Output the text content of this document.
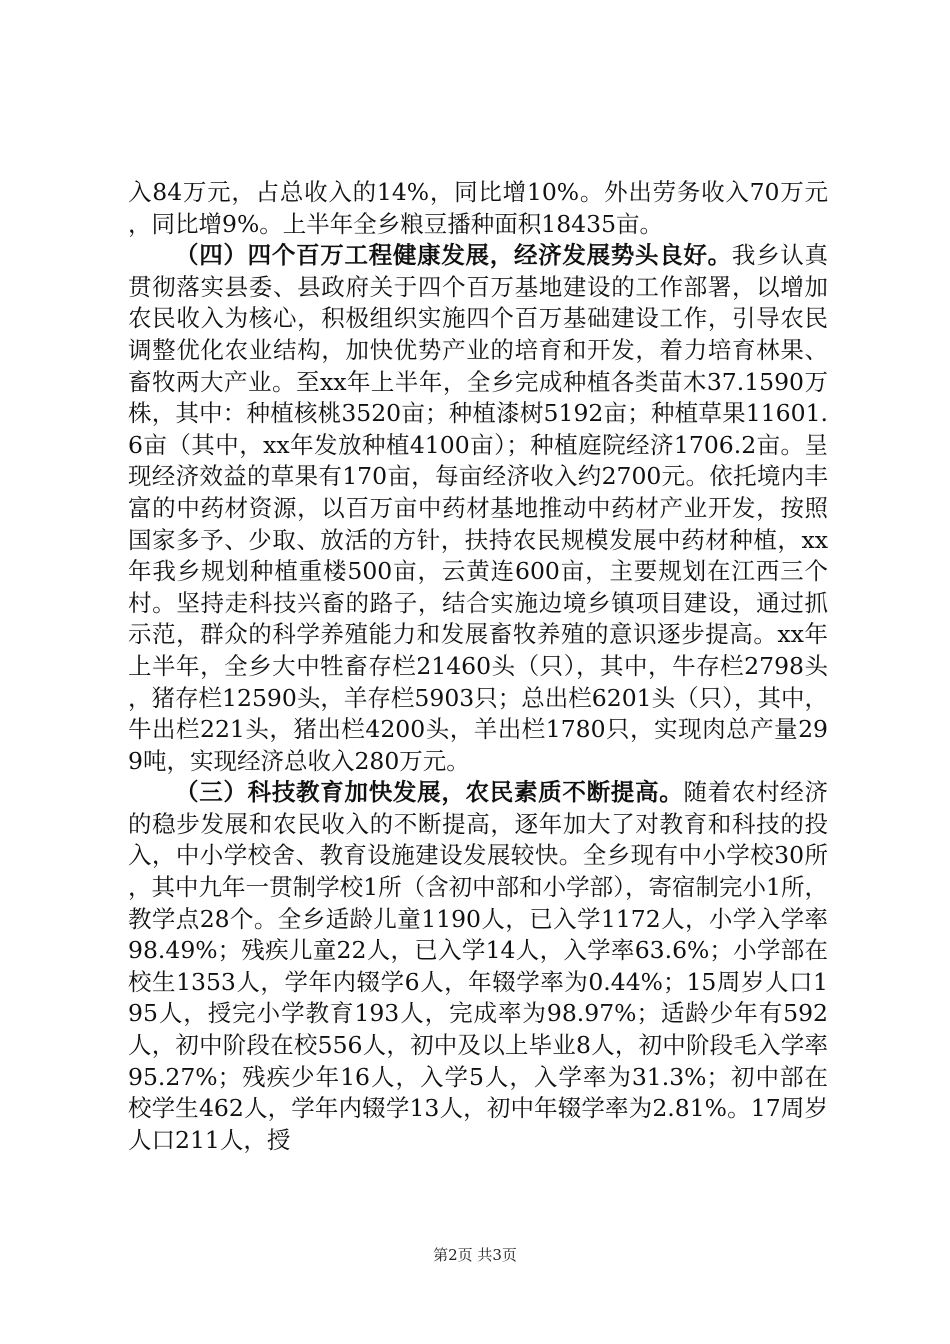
入84万元，占总收入的14%，同比增10%。外出劳务收入70万元，同比增9%。上半年全乡粮豆播种面积18435亩。

（四）四个百万工程健康发展，经济发展势头良好。我乡认真贯彻落实县委、县政府关于四个百万基地建设的工作部署，以增加农民收入为核心，积极组织实施四个百万基础建设工作，引导农民调整优化农业结构，加快优势产业的培育和开发，着力培育林果、畜牧两大产业。至xx年上半年，全乡完成种植各类苗木37.1590万株，其中：种植核桃3520亩；种植漆树5192亩；种植草果11601.6亩（其中，xx年发放种植4100亩）；种植庭院经济1706.2亩。呈现经济效益的草果有170亩，每亩经济收入约2700元。依托境内丰富的中药材资源，以百万亩中药材基地推动中药材产业开发，按照国家多予、少取、放活的方针，扶持农民规模发展中药材种植，xx年我乡规划种植重楼500亩，云黄连600亩，主要规划在江西三个村。坚持走科技兴畜的路子，结合实施边境乡镇项目建设，通过抓示范，群众的科学养殖能力和发展畜牧养殖的意识逐步提高。xx年上半年，全乡大中牲畜存栏21460头（只），其中，牛存栏2798头，猪存栏12590头，羊存栏5903只；总出栏6201头（只），其中，牛出栏221头，猪出栏4200头，羊出栏1780只，实现肉总产量299吨，实现经济总收入280万元。

（三）科技教育加快发展，农民素质不断提高。随着农村经济的稳步发展和农民收入的不断提高，逐年加大了对教育和科技的投入，中小学校舍、教育设施建设发展较快。全乡现有中小学校30所，其中九年一贯制学校1所（含初中部和小学部），寄宿制完小1所，教学点28个。全乡适龄儿童1190人，已入学1172人，小学入学率98.49%；残疾儿童22人，已入学14人，入学率63.6%；小学部在校生1353人，学年内辍学6人，年辍学率为0.44%；15周岁人口195人，授完小学教育193人，完成率为98.97%；适龄少年有592人，初中阶段在校556人，初中及以上毕业8人，初中阶段毛入学率95.27%；残疾少年16人，入学5人，入学率为31.3%；初中部在校学生462人，学年内辍学13人，初中年辍学率为2.81%。17周岁人口211人，授

第2页 共3页
